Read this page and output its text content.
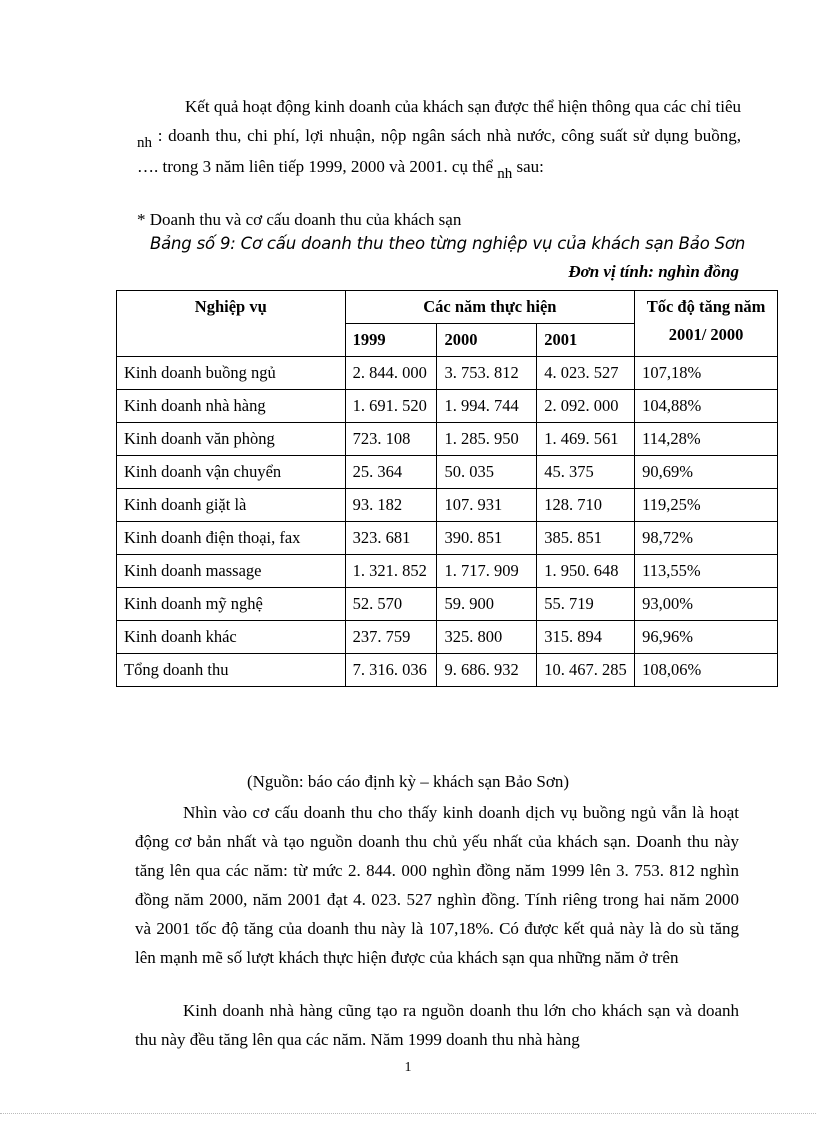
Kết quả hoạt động kinh doanh của khách sạn được thể hiện thông qua các chỉ tiêu nh : doanh thu, chi phí, lợi nhuận, nộp ngân sách nhà nước, công suất sử dụng buồng, …. trong 3 năm liên tiếp 1999, 2000 và 2001. cụ thể nh sau:

* Doanh thu và cơ cấu doanh thu của khách sạn

Bảng số 9: Cơ cấu doanh thu theo từng nghiệp vụ của khách sạn Bảo Sơn

Đơn vị tính: nghìn đồng

Nghiệp vụ	Các năm thực hiện			Tốc độ tăng năm 2001/ 2000
	1999	2000	2001	
Kinh doanh buồng ngủ	2. 844. 000	3. 753. 812	4. 023. 527	107,18%
Kinh doanh nhà hàng	1. 691. 520	1. 994. 744	2. 092. 000	104,88%
Kinh doanh văn phòng	723. 108	1. 285. 950	1. 469. 561	114,28%
Kinh doanh vận chuyển	25. 364	50. 035	45. 375	90,69%
Kinh doanh giặt là	93. 182	107. 931	128. 710	119,25%
Kinh doanh điện thoại, fax	323. 681	390. 851	385. 851	98,72%
Kinh doanh massage	1. 321. 852	1. 717. 909	1. 950. 648	113,55%
Kinh doanh mỹ nghệ	52. 570	59. 900	55. 719	93,00%
Kinh doanh khác	237. 759	325. 800	315. 894	96,96%
Tổng doanh thu	7. 316. 036	9. 686. 932	10. 467. 285	108,06%

(Nguồn: báo cáo định kỳ – khách sạn Bảo Sơn)

Nhìn vào cơ cấu doanh thu cho thấy kinh doanh dịch vụ buồng ngủ vẫn là hoạt động cơ bản nhất và tạo nguồn doanh thu chủ yếu nhất của khách sạn. Doanh thu này tăng lên qua các năm: từ mức 2. 844. 000 nghìn đồng năm 1999 lên 3. 753. 812 nghìn đồng năm 2000, năm 2001 đạt 4. 023. 527 nghìn đồng. Tính riêng trong hai năm 2000 và 2001 tốc độ tăng của doanh thu này là 107,18%. Có được kết quả này là do sù tăng lên mạnh mẽ số lượt khách thực hiện được của khách sạn qua những năm ở trên

Kinh doanh nhà hàng cũng tạo ra nguồn doanh thu lớn cho khách sạn và doanh thu này đều tăng lên qua các năm. Năm 1999 doanh thu nhà hàng

1
